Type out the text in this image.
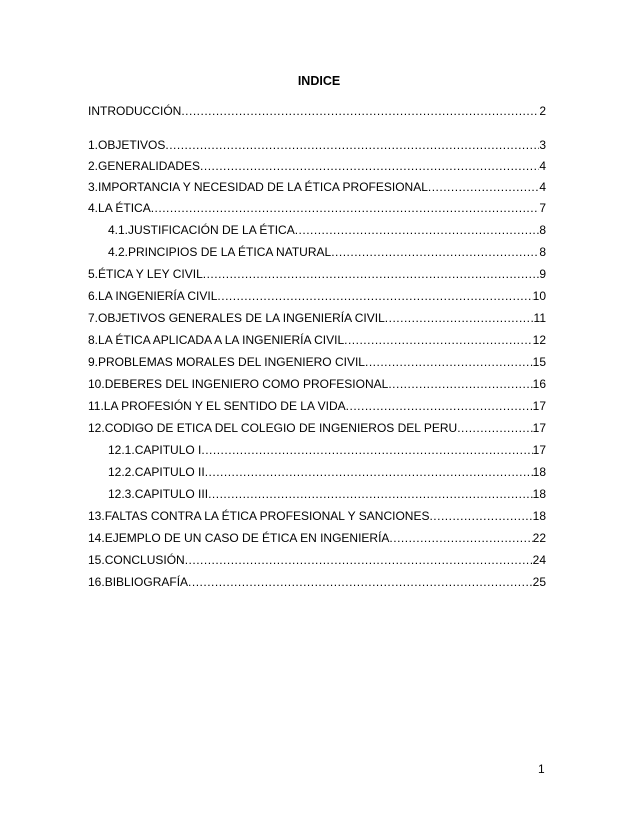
INDICE
INTRODUCCIÓN .....	2
1. OBJETIVOS .....	3
2. GENERALIDADES .....	4
3. IMPORTANCIA Y NECESIDAD DE LA ÉTICA PROFESIONAL .....	4
4. LA ÉTICA .....	7
4.1. JUSTIFICACIÓN DE LA ÉTICA .....	8
4.2. PRINCIPIOS DE LA ÉTICA NATURAL .....	8
5. ÉTICA Y LEY CIVIL .....	9
6. LA INGENIERÍA CIVIL .....	10
7. OBJETIVOS GENERALES DE LA INGENIERÍA CIVIL .....	11
8. LA ÉTICA APLICADA A LA INGENIERÍA CIVIL .....	12
9. PROBLEMAS MORALES DEL INGENIERO CIVIL .....	15
10. DEBERES DEL INGENIERO COMO PROFESIONAL .....	16
11. LA PROFESIÓN Y EL SENTIDO DE LA VIDA .....	17
12. CODIGO DE ETICA DEL COLEGIO DE INGENIEROS DEL PERU .....	17
12.1. CAPITULO I .....	17
12.2. CAPITULO II .....	18
12.3. CAPITULO III .....	18
13. FALTAS CONTRA LA ÉTICA PROFESIONAL Y SANCIONES .....	18
14. EJEMPLO DE UN CASO DE ÉTICA EN INGENIERÍA .....	22
15. CONCLUSIÓN .....	24
16. BIBLIOGRAFÍA .....	25
1
